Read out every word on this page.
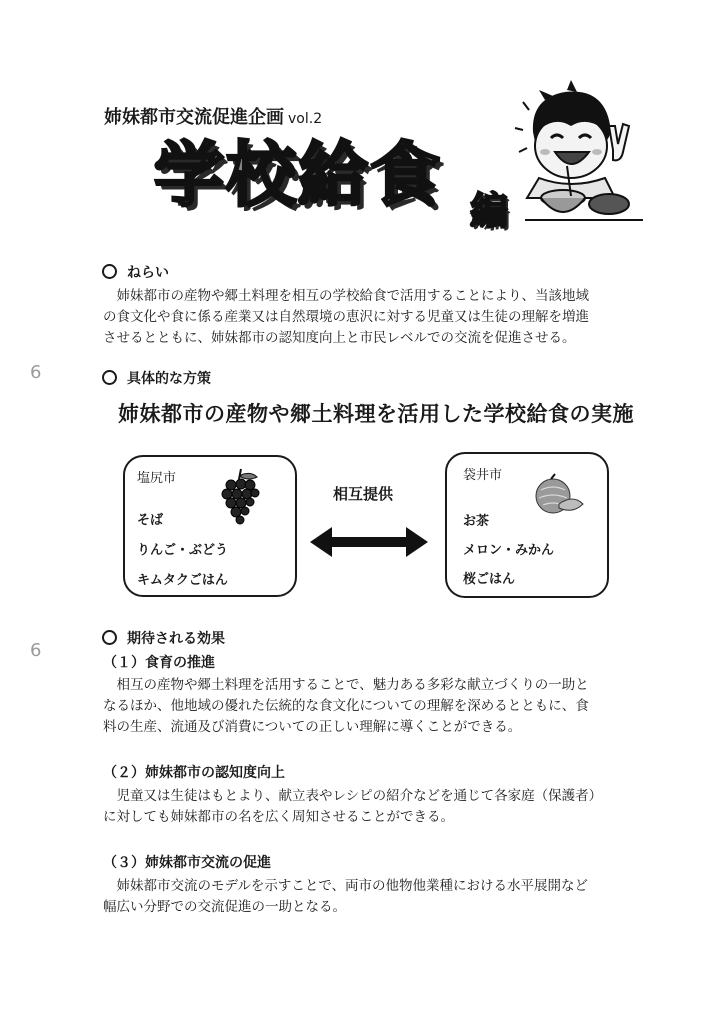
姉妹都市交流促進企画 vol.2
学校給食 編
ねらい
姉妹都市の産物や郷土料理を相互の学校給食で活用することにより、当該地域
の食文化や食に係る産業又は自然環境の恵沢に対する児童又は生徒の理解を増進
させるとともに、姉妹都市の認知度向上と市民レベルでの交流を促進させる。
6	具体的な方策
姉妹都市の産物や郷土料理を活用した学校給食の実施
塩尻市
そば
りんご・ぶどう
キムタクごはん
相互提供
袋井市
お茶
メロン・みかん
桜ごはん
6
期待される効果
（１）食育の推進
相互の産物や郷土料理を活用することで、魅力ある多彩な献立づくりの一助と
なるほか、他地域の優れた伝統的な食文化についての理解を深めるとともに、食
料の生産、流通及び消費についての正しい理解に導くことができる。
（２）姉妹都市の認知度向上
児童又は生徒はもとより、献立表やレシピの紹介などを通じて各家庭（保護者）
に対しても姉妹都市の名を広く周知させることができる。
（３）姉妹都市交流の促進
姉妹都市交流のモデルを示すことで、両市の他物他業種における水平展開など
幅広い分野での交流促進の一助となる。
